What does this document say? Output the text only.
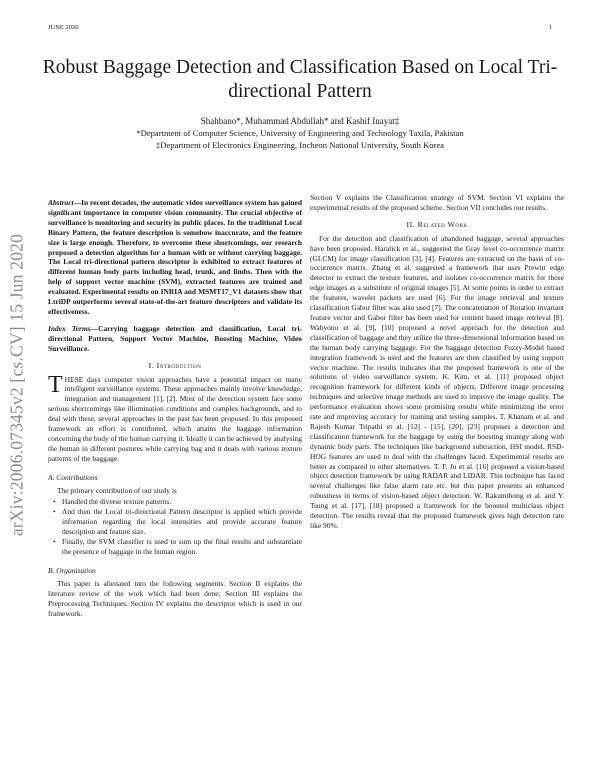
JUNE 2020	1
arXiv:2006.07345v2 [cs.CV] 15 Jun 2020
Robust Baggage Detection and Classification Based on Local Tri-directional Pattern
Shahbano*, Muhammad Abdullah* and Kashif Inayat‡
*Department of Computer Science, University of Engineering and Technology Taxila, Pakistan
‡Department of Electronics Engineering, Incheon National University, South Korea

Abstract—In recent decades, the automatic video surveillance system has gained significant importance in computer vision community. The crucial objective of surveillance is monitoring and security in public places. In the traditional Local Binary Pattern, the feature description is somehow inaccurate, and the feature size is large enough. Therefore, to overcome these shortcomings, our research proposed a detection algorithm for a human with or without carrying baggage. The Local tri-directional pattern descriptor is exhibited to extract features of different human body parts including head, trunk, and limbs. Then with the help of support vector machine (SVM), extracted features are trained and evaluated. Experimental results on INRIA and MSMT17_V1 datasets show that LtriDP outperforms several state-of-the-art feature descriptors and validate its effectiveness.

Index Terms—Carrying baggage detection and classification, Local tri-directional Pattern, Support Vector Machine, Boosting Machine, Video Surveillance.

I. Introduction

THESE days computer vision approaches have a potential impact on many intelligent surveillance systems. These approaches mainly involve knowledge, integration and management [1], [2]. Most of the detection system face some serious shortcomings like illumination conditions and complex backgrounds, and to deal with these, several approaches in the past has been proposed. In this proposed framework an effort is contributed, which attains the baggage information concerning the body of the human carrying it. Ideally it can be achieved by analysing the human in different postures while carrying bag and it deals with various texture patterns of the baggage.

A. Contributions

The primary contribution of our study is

• Handled the diverse texture patterns.
• And then the Local tri-directional Pattern descriptor is applied which provide information regarding the local intensities and provide accurate feature description and feature size.
• Finally, the SVM classifier is used to sum up the final results and substantiate the presence of baggage in the human region.
B. Organization

This paper is alienated into the following segments. Section II explains the literature review of the work which had been done; Section III explains the Preprocessing Techniques. Section IV explains the descriptor which is used in our framework.

Section V explains the Classification strategy of SVM. Section VI explains the experimental results of the proposed scheme. Section VII concludes our results.

II. Related Work

For the detection and classification of abandoned baggage, several approaches have been proposed. Haralick et al., suggested the Gray level co-occurrence matrix (GLCM) for image classification [3], [4]. Features are extracted on the basis of co-occurrence matrix. Zhang et al. suggested a framework that uses Prewitt edge detector to extract the texture features, and isolates co-occurrence matrix for those edge images as a substitute of original images [5]. At some points in order to extract the features, wavelet packets are used [6]. For the image retrieval and texture classification Gabor filter was also used [7]. The concatenation of Rotation invariant feature vector and Gabor filter has been used for content based image retrieval [8]. Wahyono et al. [9], [10] proposed a novel approach for the detection and classification of baggage and they utilize the three-dimensional information based on the human body carrying baggage. For the baggage detection Fuzzy-Model based integration framework is used and the features are then classified by using support vector machine. The results indicates that the proposed framework is one of the solutions of video surveillance system. K. Kim, et al. [11] proposed object recognition framework for different kinds of objects. Different image processing techniques and selective image methods are used to improve the image quality. The performance evaluation shows some promising results while minimizing the error rate and improving accuracy for training and testing samples. T. Khanam et al. and Rajesh Kumar Tripathi et al. [12] - [15], [20], [23] proposes a detection and classification framework for the baggage by using the boosting strategy along with dynamic body parts. The techniques like background subtraction, HSI model, RSD-HOG features are used to deal with the challenges faced. Experimental results are better as compared to other alternatives. T. F. Ju et al. [16] proposed a vision-based object detection framework by using RADAR and LIDAR. This technique has faced several challenges like false alarm rate etc. but this paper presents an enhanced robustness in terms of vision-based object detection. W. Rakumthong et al. and Y. Tsung et al. [17], [18] proposed a framework for the boosted multiclass object detection. The results reveal that the proposed framework gives high detection rate like 90%.
